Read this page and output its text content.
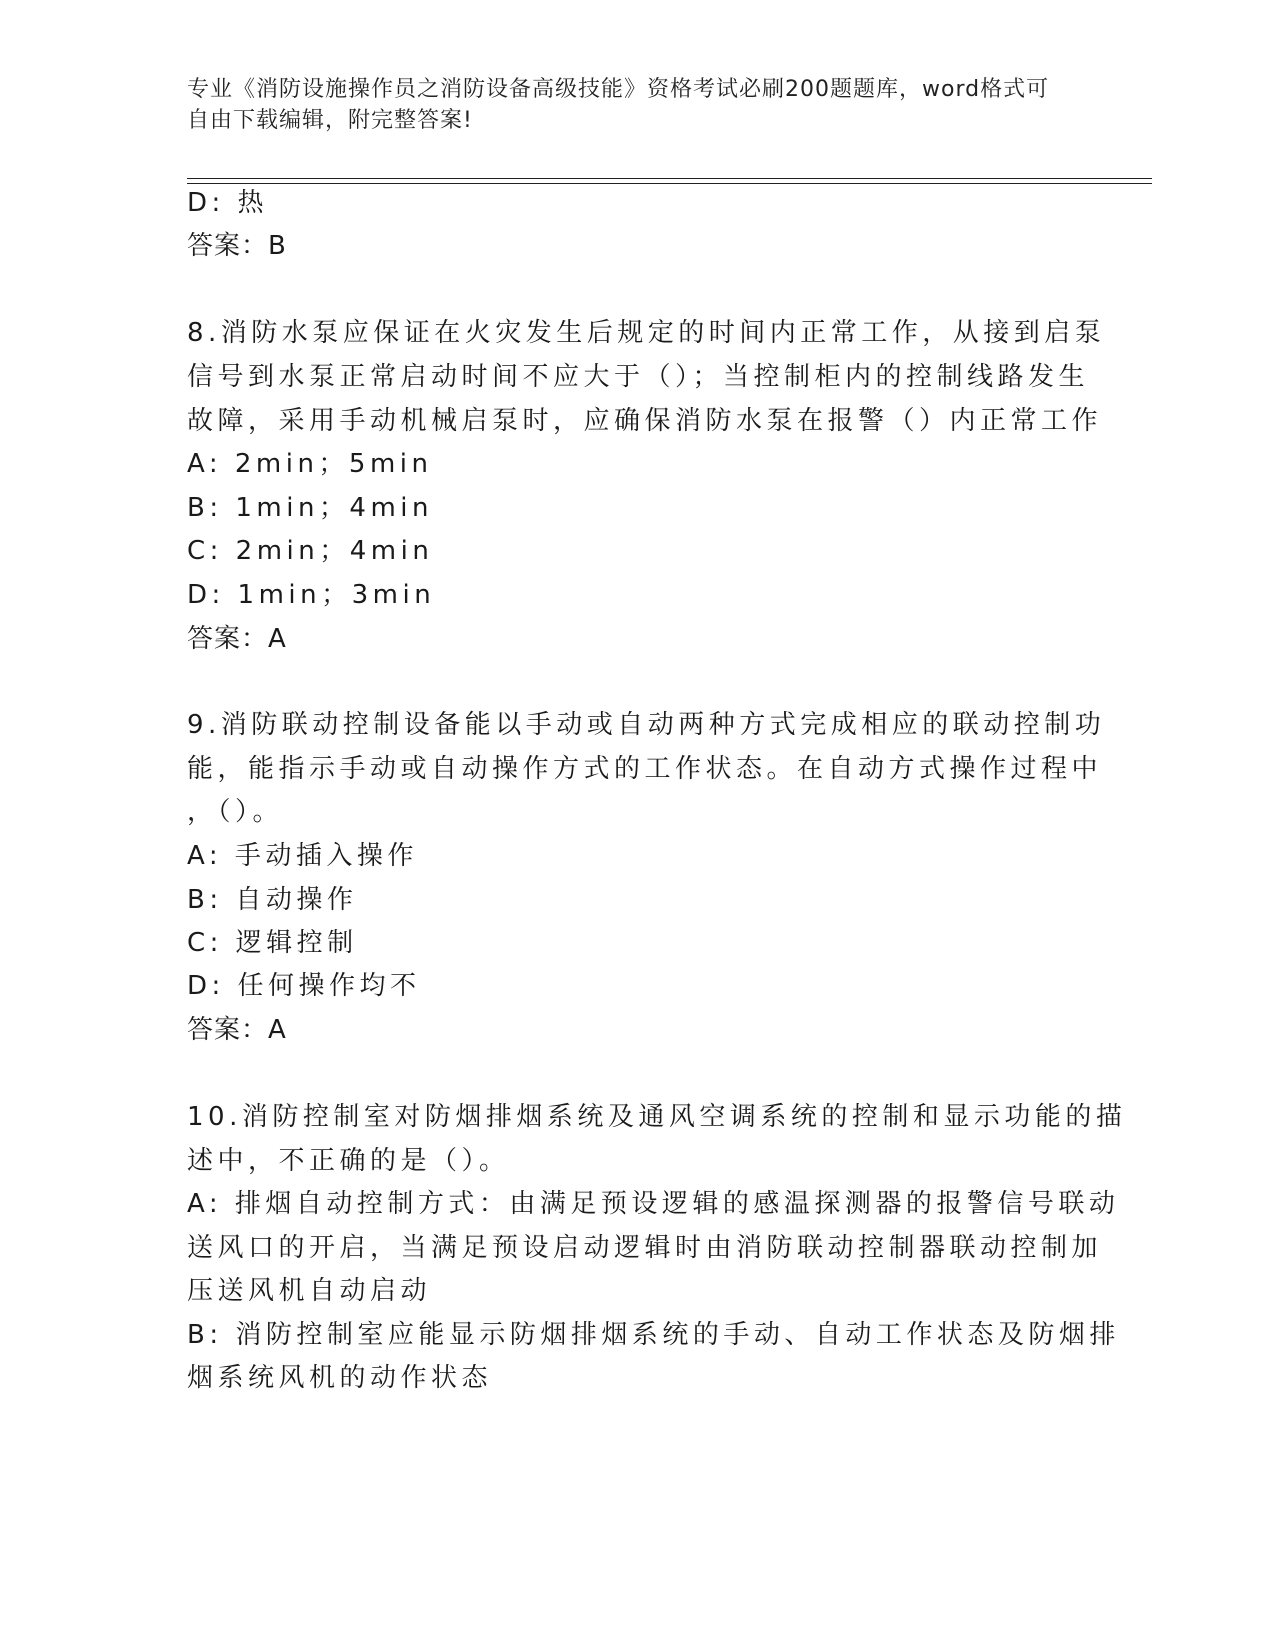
专业《消防设施操作员之消防设备高级技能》资格考试必刷200题题库，word格式可自由下载编辑，附完整答案!
D: 热
答案：B
8.消防水泵应保证在火灾发生后规定的时间内正常工作，从接到启泵
信号到水泵正常启动时间不应大于（）；当控制柜内的控制线路发生
故障，采用手动机械启泵时，应确保消防水泵在报警（）内正常工作
A: 2min；5min
B: 1min；4min
C: 2min；4min
D: 1min；3min
答案：A
9.消防联动控制设备能以手动或自动两种方式完成相应的联动控制功
能，能指示手动或自动操作方式的工作状态。在自动方式操作过程中
，（）。
A: 手动插入操作
B: 自动操作
C: 逻辑控制
D: 任何操作均不
答案：A
10.消防控制室对防烟排烟系统及通风空调系统的控制和显示功能的描
述中，不正确的是（）。
A: 排烟自动控制方式：由满足预设逻辑的感温探测器的报警信号联动
送风口的开启，当满足预设启动逻辑时由消防联动控制器联动控制加
压送风机自动启动
B: 消防控制室应能显示防烟排烟系统的手动、自动工作状态及防烟排
烟系统风机的动作状态
